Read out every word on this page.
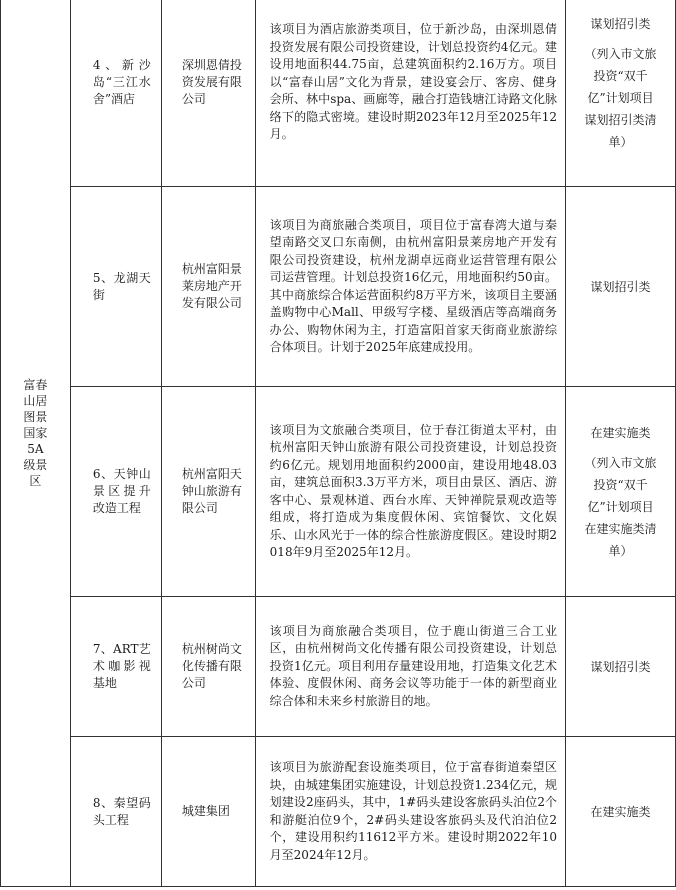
富春山居图景国家5A级景区	4、新沙岛“三江水舍”酒店	深圳恩倩投资发展有限公司	该项目为酒店旅游类项目，位于新沙岛，由深圳恩倩投资发展有限公司投资建设，计划总投资约4亿元。建设用地面积44.75亩，总建筑面积约2.16万方。项目以“富春山居”文化为背景，建设宴会厅、客房、健身会所、林中spa、画廊等，融合打造钱塘江诗路文化脉络下的隐式密境。建设时期2023年12月至2025年12月。	谋划招引类
（列入市文旅投资“双千亿”计划项目谋划招引类清单）

	5、龙湖天街	杭州富阳景莱房地产开发有限公司	该项目为商旅融合类项目，项目位于富春湾大道与秦望南路交叉口东南侧，由杭州富阳景莱房地产开发有限公司投资建设，杭州龙湖卓远商业运营管理有限公司运营管理。计划总投资16亿元，用地面积约50亩。其中商旅综合体运营面积约8万平方米，该项目主要涵盖购物中心Mall、甲级写字楼、星级酒店等高端商务办公、购物休闲为主，打造富阳首家天街商业旅游综合体项目。计划于2025年底建成投用。	谋划招引类
	6、天钟山景区提升改造工程	杭州富阳天钟山旅游有限公司	该项目为文旅融合类项目，位于春江街道太平村，由杭州富阳天钟山旅游有限公司投资建设，计划总投资约6亿元。规划用地面积约2000亩，建设用地48.03亩，建筑总面积3.3万平方米，项目由景区、酒店、游客中心、景观林道、西台水库、天钟禅院景观改造等组成，将打造成为集度假休闲、宾馆餐饮、文化娱乐、山水风光于一体的综合性旅游度假区。建设时期2018年9月至2025年12月。	在建实施类
（列入市文旅投资“双千亿”计划项目在建实施类清单）

	7、ART艺术咖影视基地	杭州树尚文化传播有限公司	该项目为商旅融合类项目，位于鹿山街道三合工业区，由杭州树尚文化传播有限公司投资建设，计划总投资1亿元。项目利用存量建设用地，打造集文化艺术体验、度假休闲、商务会议等功能于一体的新型商业综合体和未来乡村旅游目的地。	谋划招引类
	8、秦望码头工程	城建集团	该项目为旅游配套设施类项目，位于富春街道秦望区块，由城建集团实施建设，计划总投资1.234亿元，规划建设2座码头，其中，1#码头建设客旅码头泊位2个和游艇泊位9个，2#码头建设客旅码头及代泊泊位2个，建设用积约11612平方米。建设时期2022年10月至2024年12月。	在建实施类
